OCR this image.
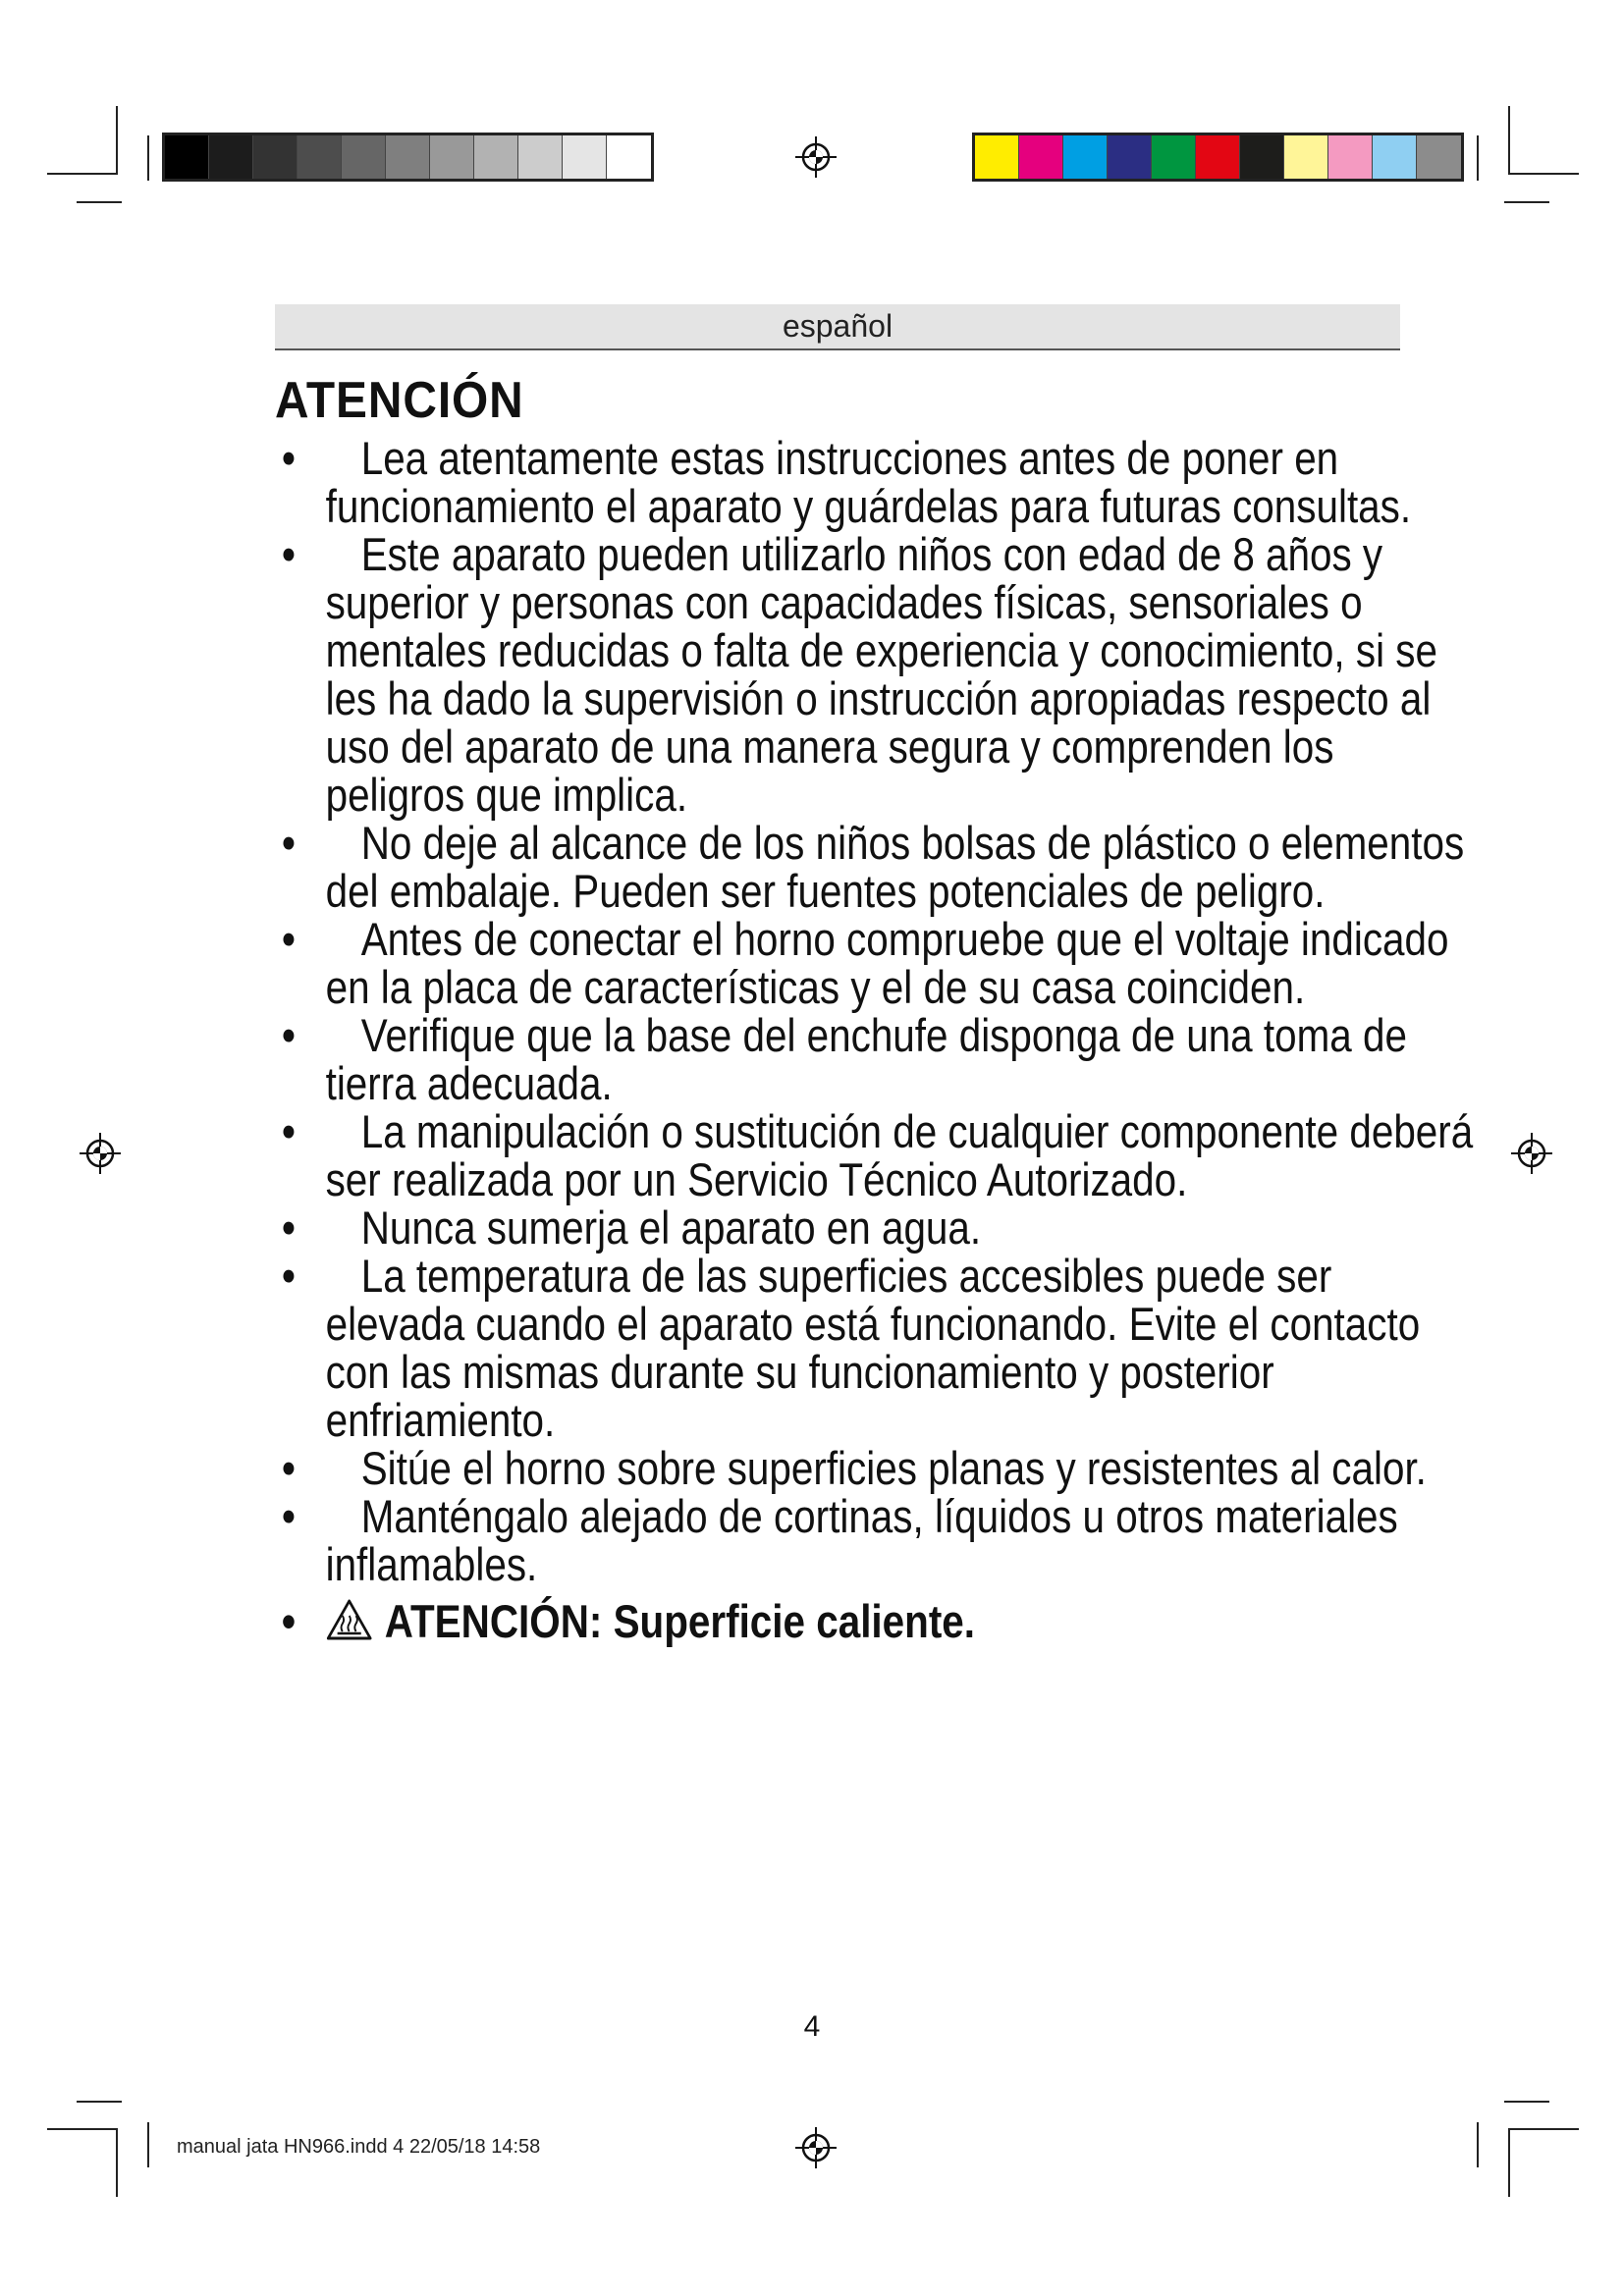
español
ATENCIÓN
•	Lea atentamente estas instrucciones antes de poner en funcionamiento el aparato y guárdelas para futuras consultas.
•	Este aparato pueden utilizarlo niños con edad de 8 años y superior y personas con capacidades físicas, sensoriales o mentales reducidas o falta de experiencia y conocimiento, si se les ha dado la supervisión o instrucción apropiadas respecto al uso del aparato de una manera segura y comprenden los peligros que implica.
•	No deje al alcance de los niños bolsas de plástico o elementos del embalaje. Pueden ser fuentes potenciales de peligro.
•	Antes de conectar el horno compruebe que el voltaje indicado en la placa de características y el de su casa coinciden.
•	Verifique que la base del enchufe disponga de una toma de tierra adecuada.
•	La manipulación o sustitución de cualquier componente deberá ser realizada por un Servicio Técnico Autorizado.
•	Nunca sumerja el aparato en agua.
•	La temperatura de las superficies accesibles puede ser elevada cuando el aparato está funcionando. Evite el contacto con las mismas durante su funcionamiento y posterior enfriamiento.
•	Sitúe el horno sobre superficies planas y resistentes al calor.
•	Manténgalo alejado de cortinas, líquidos u otros materiales inflamables.
•	ATENCIÓN: Superficie caliente.
4
manual jata HN966.indd 4 22/05/18 14:58
